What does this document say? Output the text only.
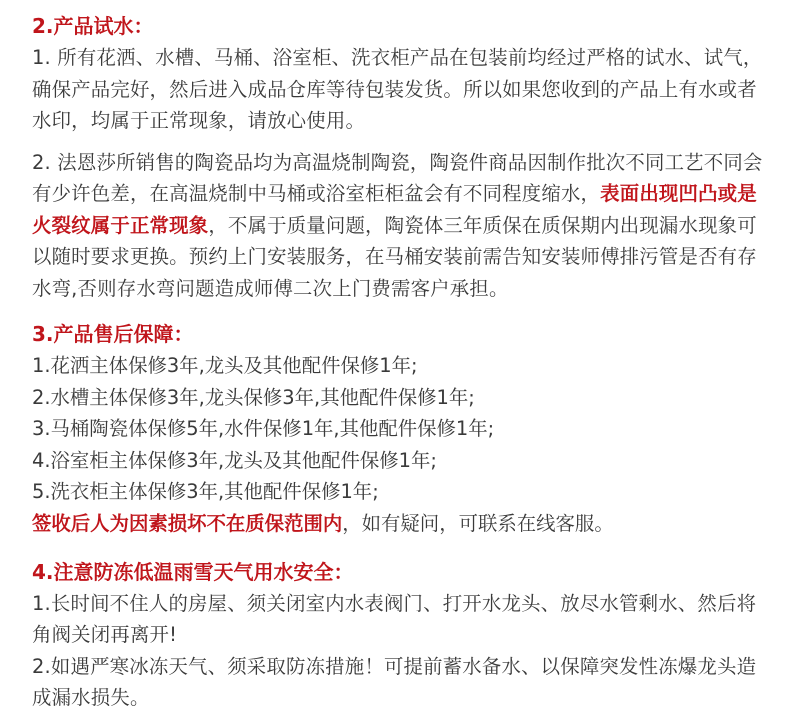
2.产品试水：

1. 所有花洒、水槽、马桶、浴室柜、洗衣柜产品在包装前均经过严格的试水、试气，确保产品完好，然后进入成品仓库等待包装发货。所以如果您收到的产品上有水或者水印，均属于正常现象，请放心使用。

2. 法恩莎所销售的陶瓷品均为高温烧制陶瓷，陶瓷件商品因制作批次不同工艺不同会有少许色差，在高温烧制中马桶或浴室柜柜盆会有不同程度缩水，表面出现凹凸或是火裂纹属于正常现象，不属于质量问题，陶瓷体三年质保在质保期内出现漏水现象可以随时要求更换。预约上门安装服务，在马桶安装前需告知安装师傅排污管是否有存水弯,否则存水弯问题造成师傅二次上门费需客户承担。

3.产品售后保障：

1.花洒主体保修3年,龙头及其他配件保修1年;

2.水槽主体保修3年,龙头保修3年,其他配件保修1年;

3.马桶陶瓷体保修5年,水件保修1年,其他配件保修1年;

4.浴室柜主体保修3年,龙头及其他配件保修1年;

5.洗衣柜主体保修3年,其他配件保修1年;

签收后人为因素损坏不在质保范围内，如有疑问，可联系在线客服。

4.注意防冻低温雨雪天气用水安全：

1.长时间不住人的房屋、须关闭室内水表阀门、打开水龙头、放尽水管剩水、然后将角阀关闭再离开!

2.如遇严寒冰冻天气、须采取防冻措施！可提前蓄水备水、以保障突发性冻爆龙头造成漏水损失。
